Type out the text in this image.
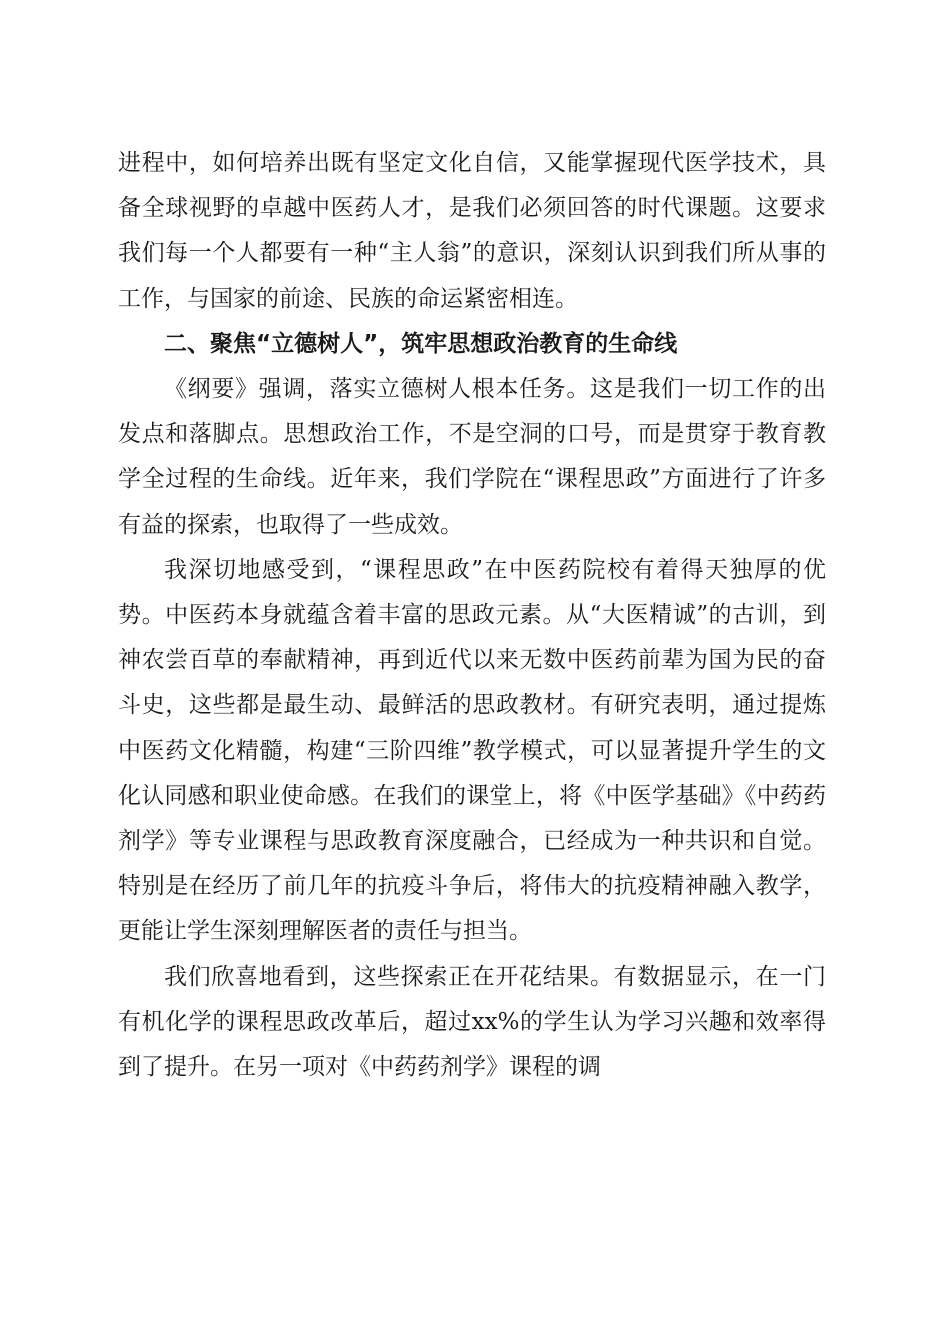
进程中，如何培养出既有坚定文化自信，又能掌握现代医学技术，具备全球视野的卓越中医药人才，是我们必须回答的时代课题。这要求我们每一个人都要有一种“主人翁”的意识，深刻认识到我们所从事的工作，与国家的前途、民族的命运紧密相连。

二、聚焦“立德树人”，筑牢思想政治教育的生命线

《纲要》强调，落实立德树人根本任务。这是我们一切工作的出发点和落脚点。思想政治工作，不是空洞的口号，而是贯穿于教育教学全过程的生命线。近年来，我们学院在“课程思政”方面进行了许多有益的探索，也取得了一些成效。

我深切地感受到，“课程思政”在中医药院校有着得天独厚的优势。中医药本身就蕴含着丰富的思政元素。从“大医精诚”的古训，到神农尝百草的奉献精神，再到近代以来无数中医药前辈为国为民的奋斗史，这些都是最生动、最鲜活的思政教材。有研究表明，通过提炼中医药文化精髓，构建“三阶四维”教学模式，可以显著提升学生的文化认同感和职业使命感。在我们的课堂上，将《中医学基础》《中药药剂学》等专业课程与思政教育深度融合，已经成为一种共识和自觉。特别是在经历了前几年的抗疫斗争后，将伟大的抗疫精神融入教学，更能让学生深刻理解医者的责任与担当。

我们欣喜地看到，这些探索正在开花结果。有数据显示，在一门有机化学的课程思政改革后，超过xx%的学生认为学习兴趣和效率得到了提升。在另一项对《中药药剂学》课程的调
